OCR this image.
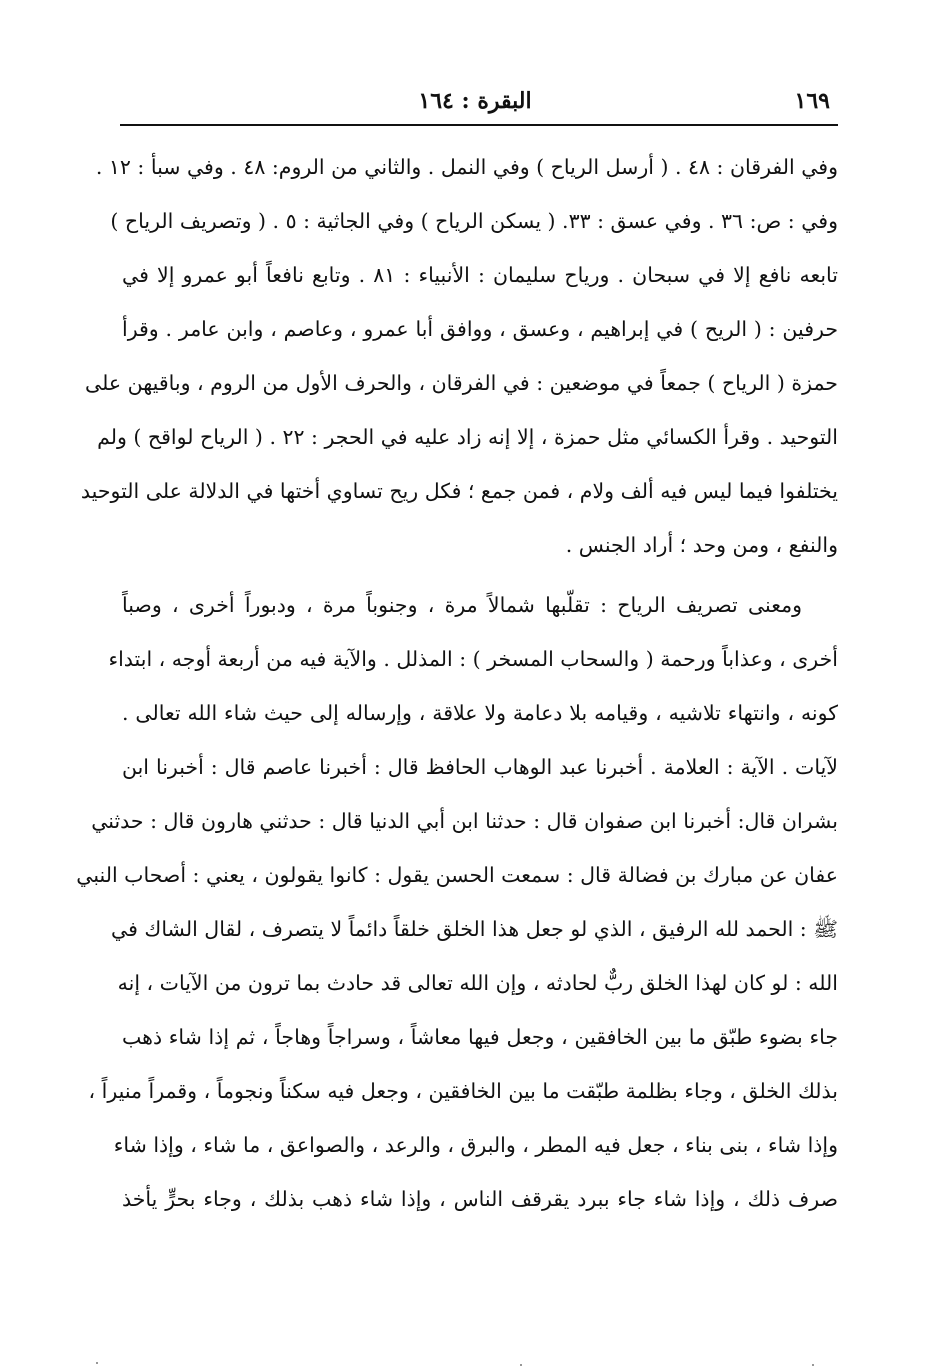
١٦٩
البقرة : ١٦٤
وفي الفرقان : ٤٨ . ( أرسل الرياح ) وفي النمل . والثاني من الروم: ٤٨ . وفي سبأ : ١٢ .
وفي : ص: ٣٦ . وفي عسق : ٣٣. ( يسكن الرياح ) وفي الجاثية : ٥ . ( وتصريف الرياح )
تابعه نافع إلا في سبحان . ورياح سليمان : الأنبياء : ٨١ . وتابع نافعاً أبو عمرو إلا في
حرفين : ( الريح ) في إبراهيم ، وعسق ، ووافق أبا عمرو ، وعاصم ، وابن عامر . وقرأ
حمزة ( الرياح ) جمعاً في موضعين : في الفرقان ، والحرف الأول من الروم ، وباقيهن على
التوحيد . وقرأ الكسائي مثل حمزة ، إلا إنه زاد عليه في الحجر : ٢٢ . ( الرياح لواقح ) ولم
يختلفوا فيما ليس فيه ألف ولام ، فمن جمع ؛ فكل ريح تساوي أختها في الدلالة على التوحيد
والنفع ، ومن وحد ؛ أراد الجنس .
ومعنى تصريف الرياح : تقلّبها شمالاً مرة ، وجنوباً مرة ، ودبوراً أخرى ، وصباً
أخرى ، وعذاباً ورحمة ( والسحاب المسخر ) : المذلل . والآية فيه من أربعة أوجه ، ابتداء
كونه ، وانتهاء تلاشيه ، وقيامه بلا دعامة ولا علاقة ، وإرساله إلى حيث شاء الله تعالى .
لآيات . الآية : العلامة . أخبرنا عبد الوهاب الحافظ قال : أخبرنا عاصم قال : أخبرنا ابن
بشران قال: أخبرنا ابن صفوان قال : حدثنا ابن أبي الدنيا قال : حدثني هارون قال : حدثني
عفان عن مبارك بن فضالة قال : سمعت الحسن يقول : كانوا يقولون ، يعني : أصحاب النبي
ﷺ : الحمد لله الرفيق ، الذي لو جعل هذا الخلق خلقاً دائماً لا يتصرف ، لقال الشاك في
الله : لو كان لهذا الخلق ربٌّ لحادثه ، وإن الله تعالى قد حادث بما ترون من الآيات ، إنه
جاء بضوء طبّق ما بين الخافقين ، وجعل فيها معاشاً ، وسراجاً وهاجاً ، ثم إذا شاء ذهب
بذلك الخلق ، وجاء بظلمة طبّقت ما بين الخافقين ، وجعل فيه سكناً ونجوماً ، وقمراً منيراً ،
وإذا شاء ، بنى بناء ، جعل فيه المطر ، والبرق ، والرعد ، والصواعق ، ما شاء ، وإذا شاء
صرف ذلك ، وإذا شاء جاء ببرد يقرقف الناس ، وإذا شاء ذهب بذلك ، وجاء بحرٍّ يأخذ
